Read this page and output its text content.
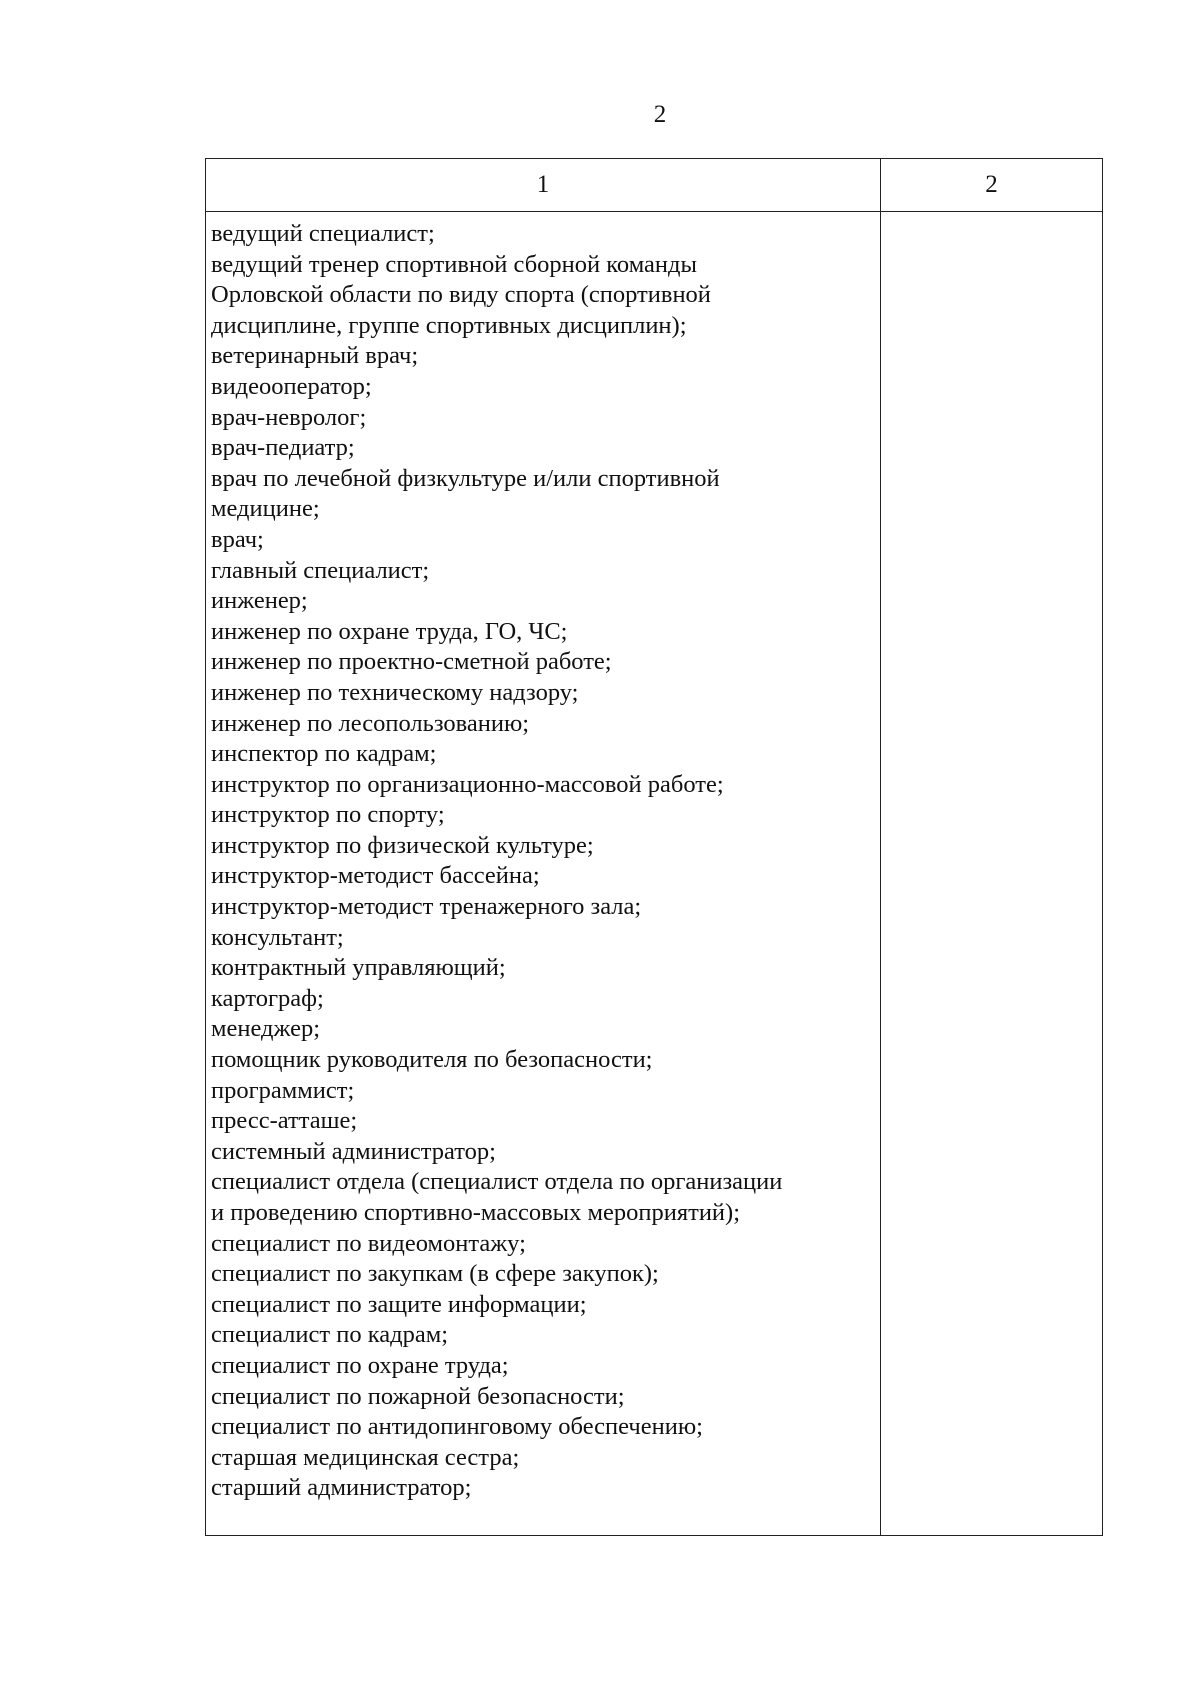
2
1	2
ведущий специалист;
ведущий тренер спортивной сборной команды
Орловской области по виду спорта (спортивной
дисциплине, группе спортивных дисциплин);
ветеринарный врач;
видеооператор;
врач-невролог;
врач-педиатр;
врач по лечебной физкультуре и/или спортивной
медицине;
врач;
главный специалист;
инженер;
инженер по охране труда, ГО, ЧС;
инженер по проектно-сметной работе;
инженер по техническому надзору;
инженер по лесопользованию;
инспектор по кадрам;
инструктор по организационно-массовой работе;
инструктор по спорту;
инструктор по физической культуре;
инструктор-методист бассейна;
инструктор-методист тренажерного зала;
консультант;
контрактный управляющий;
картограф;
менеджер;
помощник руководителя по безопасности;
программист;
пресс-атташе;
системный администратор;
специалист отдела (специалист отдела по организации
и проведению спортивно-массовых мероприятий);
специалист по видеомонтажу;
специалист по закупкам (в сфере закупок);
специалист по защите информации;
специалист по кадрам;
специалист по охране труда;
специалист по пожарной безопасности;
специалист по антидопинговому обеспечению;
старшая медицинская сестра;
старший администратор;
